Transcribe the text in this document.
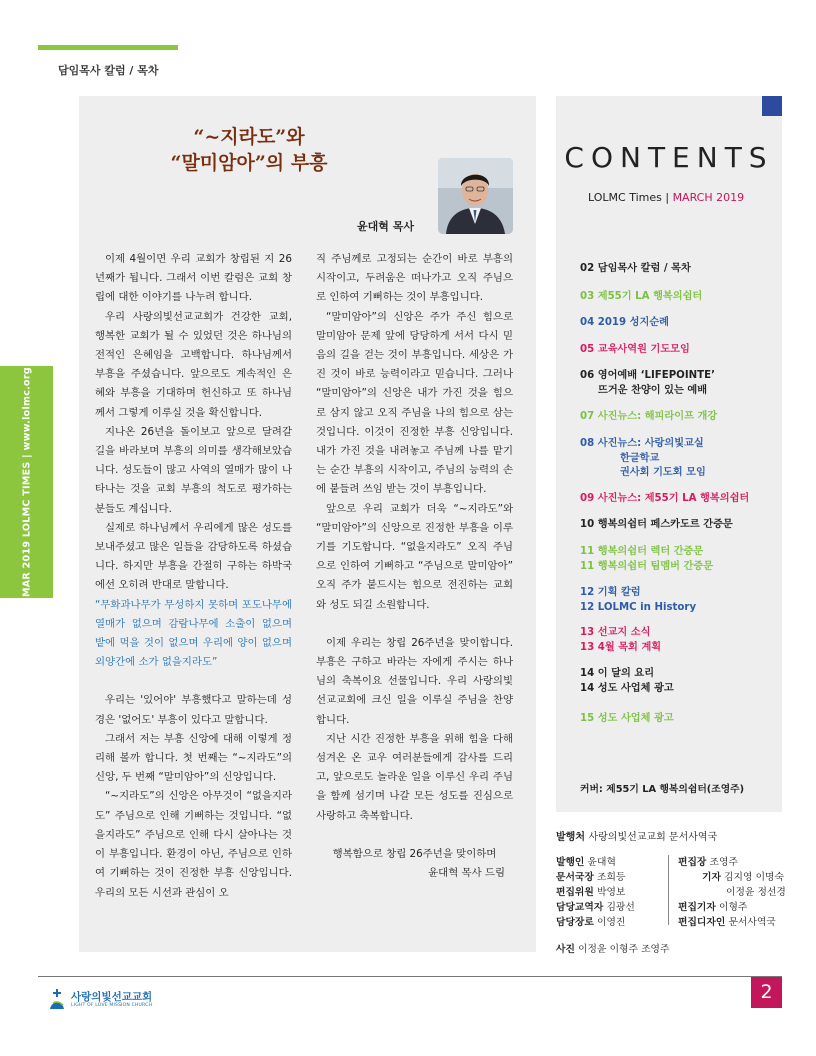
담임목사 칼럼 / 목차
MAR 2019 LOLMC TIMES | www.lolmc.org
“~지라도”와
“말미암아”의 부흥
윤대혁 목사

이제 4월이면 우리 교회가 창립된 지 26년째가 됩니다. 그래서 이번 칼럼은 교회 창립에 대한 이야기를 나누려 합니다.

우리 사랑의빛선교교회가 건강한 교회, 행복한 교회가 될 수 있었던 것은 하나님의 전적인 은혜임을 고백합니다. 하나님께서 부흥을 주셨습니다. 앞으로도 계속적인 은혜와 부흥을 기대하며 헌신하고 또 하나님께서 그렇게 이루실 것을 확신합니다.

지나온 26년을 돌이보고 앞으로 달려갈 길을 바라보며 부흥의 의미를 생각해보았습니다. 성도들이 많고 사역의 열매가 많이 나타나는 것을 교회 부흥의 척도로 평가하는 분들도 계십니다.

실제로 하나님께서 우리에게 많은 성도를 보내주셨고 많은 일들을 감당하도록 하셨습니다. 하지만 부흥을 간절히 구하는 하박국에선 오히려 반대로 말합니다.

“무화과나무가 무성하지 못하며 포도나무에 열매가 없으며 감람나무에 소출이 없으며 밭에 먹을 것이 없으며 우리에 양이 없으며 외양간에 소가 없을지라도”

우리는 '있어야' 부흥했다고 말하는데 성경은 '없어도' 부흥이 있다고 말합니다.

그래서 저는 부흥 신앙에 대해 이렇게 정리해 볼까 합니다. 첫 번째는 “~지라도”의 신앙, 두 번째 “말미암아”의 신앙입니다.

“~지라도”의 신앙은 아무것이 “없을지라도” 주님으로 인해 기뻐하는 것입니다. “없을지라도” 주님으로 인해 다시 살아나는 것이 부흥입니다. 환경이 아닌, 주님으로 인하여 기뻐하는 것이 진정한 부흥 신앙입니다. 우리의 모든 시선과 관심이 오

직 주님께로 고정되는 순간이 바로 부흥의 시작이고, 두려움은 떠나가고 오직 주님으로 인하여 기뻐하는 것이 부흥입니다.

“말미암아”의 신앙은 주가 주신 힘으로 말미암아 문제 앞에 당당하게 서서 다시 믿음의 길을 걷는 것이 부흥입니다. 세상은 가진 것이 바로 능력이라고 믿습니다. 그러나 “말미암아”의 신앙은 내가 가진 것을 힘으로 삼지 않고 오직 주님을 나의 힘으로 삼는 것입니다. 이것이 진정한 부흥 신앙입니다. 내가 가진 것을 내려놓고 주님께 나를 맡기는 순간 부흥의 시작이고, 주님의 능력의 손에 붙들려 쓰임 받는 것이 부흥입니다.

앞으로 우리 교회가 더욱 “~지라도”와 “말미암아”의 신앙으로 진정한 부흥을 이루기를 기도합니다. “없을지라도” 오직 주님으로 인하여 기뻐하고 “주님으로 말미암아” 오직 주가 붙드시는 힘으로 전진하는 교회와 성도 되길 소원합니다.

이제 우리는 창립 26주년을 맞이합니다. 부흥은 구하고 바라는 자에게 주시는 하나님의 축복이요 선물입니다. 우리 사랑의빛선교교회에 크신 일을 이루실 주님을 찬양합니다.

지난 시간 진정한 부흥을 위해 힘을 다해 섬겨온 온 교우 여러분들에게 감사를 드리고, 앞으로도 놀라운 일을 이루신 우리 주님을 함께 섬기며 나갈 모든 성도를 진심으로 사랑하고 축복합니다.

행복함으로 창립 26주년을 맞이하며

윤대혁 목사 드림

CONTENTS
LOLMC Times | MARCH 2019
02 담임목사 칼럼 / 목차
03 제55기 LA 행복의쉼터
04 2019 성지순례
05 교육사역원 기도모임
06 영어예배 ‘LIFEPOINTE’
뜨거운 찬양이 있는 예배
07 사진뉴스: 해피라이프 개강
08 사진뉴스: 사랑의빛교실
한글학교
권사회 기도회 모임
09 사진뉴스: 제55기 LA 행복의쉼터
10 행복의쉼터 페스카도르 간증문
11 행복의쉼터 렉터 간증문
11 행복의쉼터 팀멤버 간증문
12 기획 칼럼
12 LOLMC in History
13 선교지 소식
13 4월 목회 계획
14 이 달의 요리
14 성도 사업체 광고
15 성도 사업체 광고
커버: 제55기 LA 행복의쉼터(조영주)
발행처 사랑의빛선교교회 문서사역국
발행인 윤대혁
문서국장 조희등
편집위원 박영보
담당교역자 김광선
담당장로 이영진
편집장 조영주
기자 김지영 이명숙
이정윤 정선경
편집기자 이형주
편집디자인 문서사역국
사진 이정윤 이형주 조영주
사랑의빛선교교회
LIGHT OF LOVE MISSION CHURCH
2
